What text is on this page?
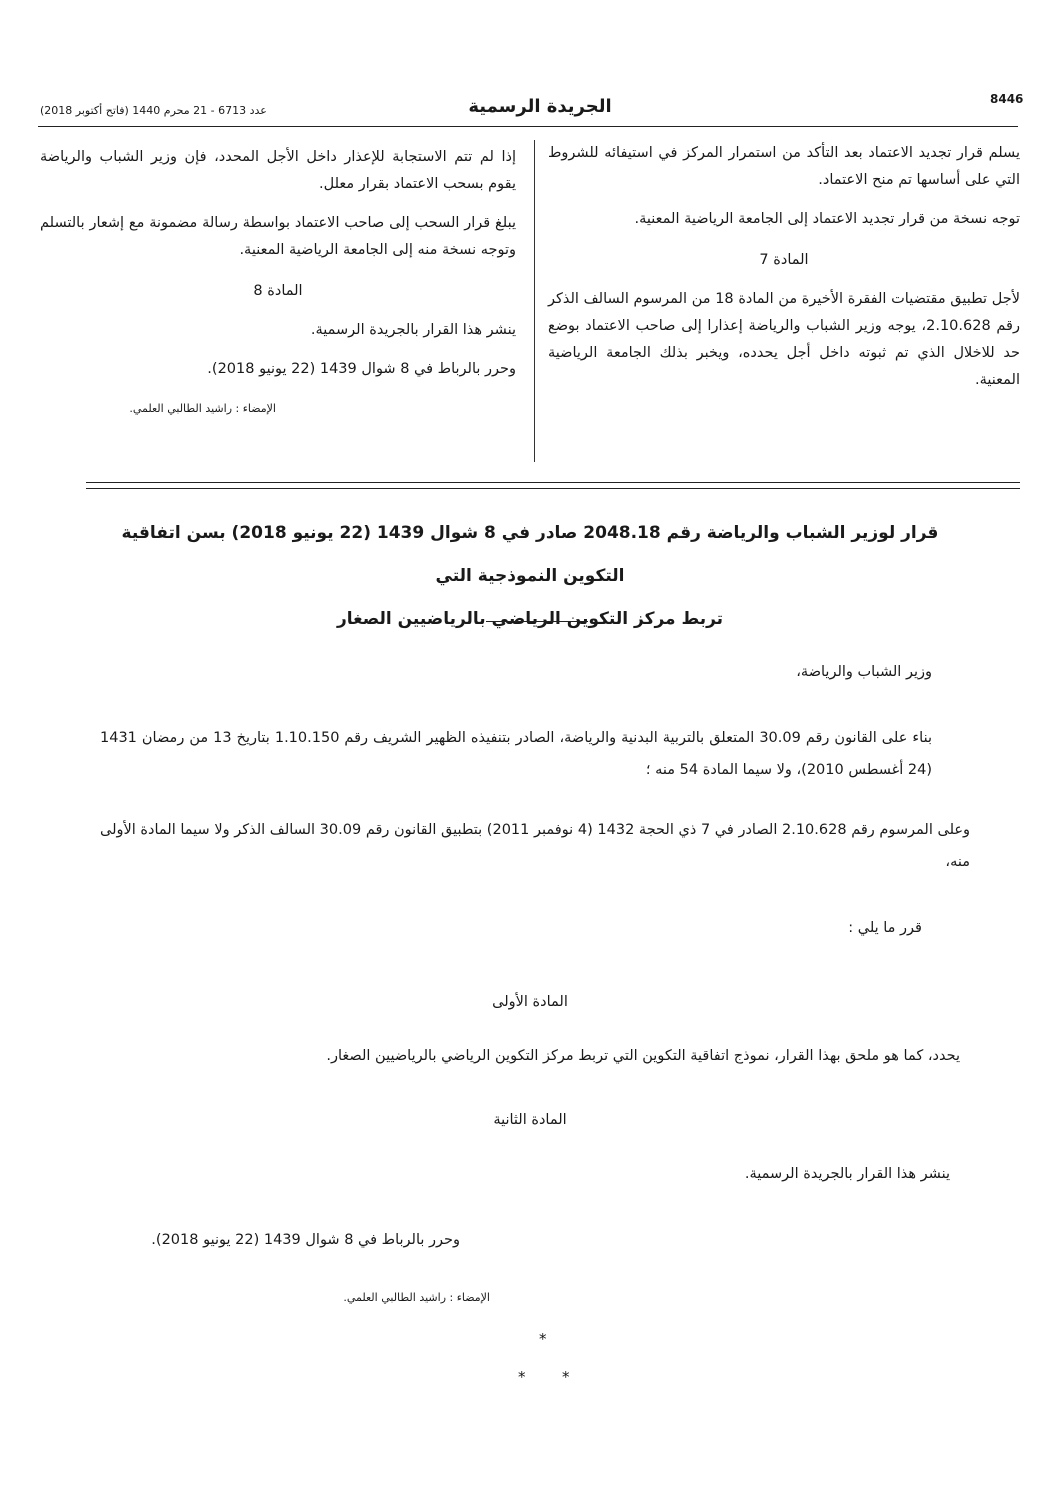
8446
الجريدة الرسمية
عدد 6713 - 21 محرم 1440 (فاتح أكتوبر 2018)

يسلم قرار تجديد الاعتماد بعد التأكد من استمرار المركز في استيفائه للشروط التي على أساسها تم منح الاعتماد.

توجه نسخة من قرار تجديد الاعتماد إلى الجامعة الرياضية المعنية.

المادة 7

لأجل تطبيق مقتضيات الفقرة الأخيرة من المادة 18 من المرسوم السالف الذكر رقم 2.10.628، يوجه وزير الشباب والرياضة إعذارا إلى صاحب الاعتماد بوضع حد للاخلال الذي تم ثبوته داخل أجل يحدده، ويخبر بذلك الجامعة الرياضية المعنية.

إذا لم تتم الاستجابة للإعذار داخل الأجل المحدد، فإن وزير الشباب والرياضة يقوم بسحب الاعتماد بقرار معلل.

يبلغ قرار السحب إلى صاحب الاعتماد بواسطة رسالة مضمونة مع إشعار بالتسلم وتوجه نسخة منه إلى الجامعة الرياضية المعنية.

المادة 8

ينشر هذا القرار بالجريدة الرسمية.

وحرر بالرباط في 8 شوال 1439 (22 يونيو 2018).

الإمضاء : راشيد الطالبي العلمي.

قرار لوزير الشباب والرياضة رقم 2048.18 صادر في 8 شوال 1439 (22 يونيو 2018) بسن اتفاقية التكوين النموذجية التي
تربط مركز التكوين الرياضي بالرياضيين الصغار
وزير الشباب والرياضة،
بناء على القانون رقم 30.09 المتعلق بالتربية البدنية والرياضة، الصادر بتنفيذه الظهير الشريف رقم 1.10.150 بتاريخ 13 من رمضان 1431 (24 أغسطس 2010)، ولا سيما المادة 54 منه ؛
وعلى المرسوم رقم 2.10.628 الصادر في 7 ذي الحجة 1432 (4 نوفمبر 2011) بتطبيق القانون رقم 30.09 السالف الذكر ولا سيما المادة الأولى منه،
قرر ما يلي :
المادة الأولى
يحدد، كما هو ملحق بهذا القرار، نموذج اتفاقية التكوين التي تربط مركز التكوين الرياضي بالرياضيين الصغار.
المادة الثانية
ينشر هذا القرار بالجريدة الرسمية.
وحرر بالرباط في 8 شوال 1439 (22 يونيو 2018).
الإمضاء : راشيد الطالبي العلمي.
*
* *
